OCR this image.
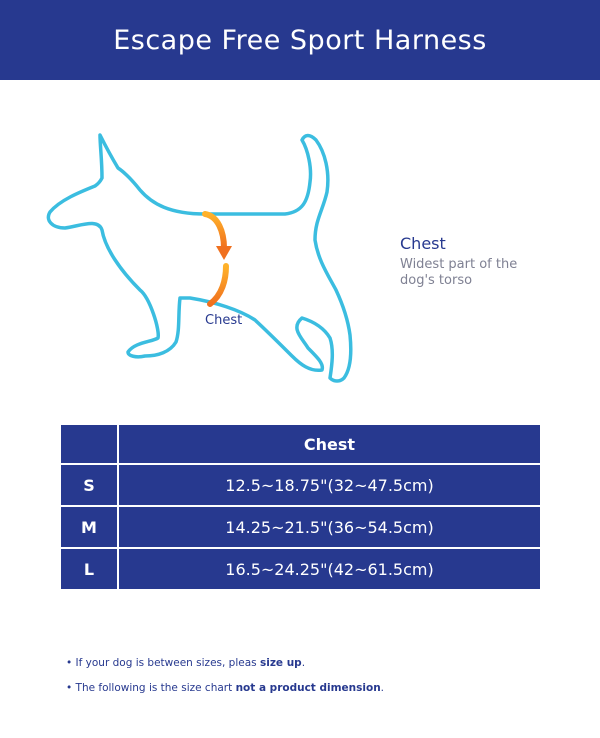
Escape Free Sport Harness
Chest

Chest

Widest part of the dog's torso

	Chest
S	12.5~18.75"(32~47.5cm)
M	14.25~21.5"(36~54.5cm)
L	16.5~24.25"(42~61.5cm)

• If your dog is between sizes, pleas size up.

• The following is the size chart not a product dimension.
